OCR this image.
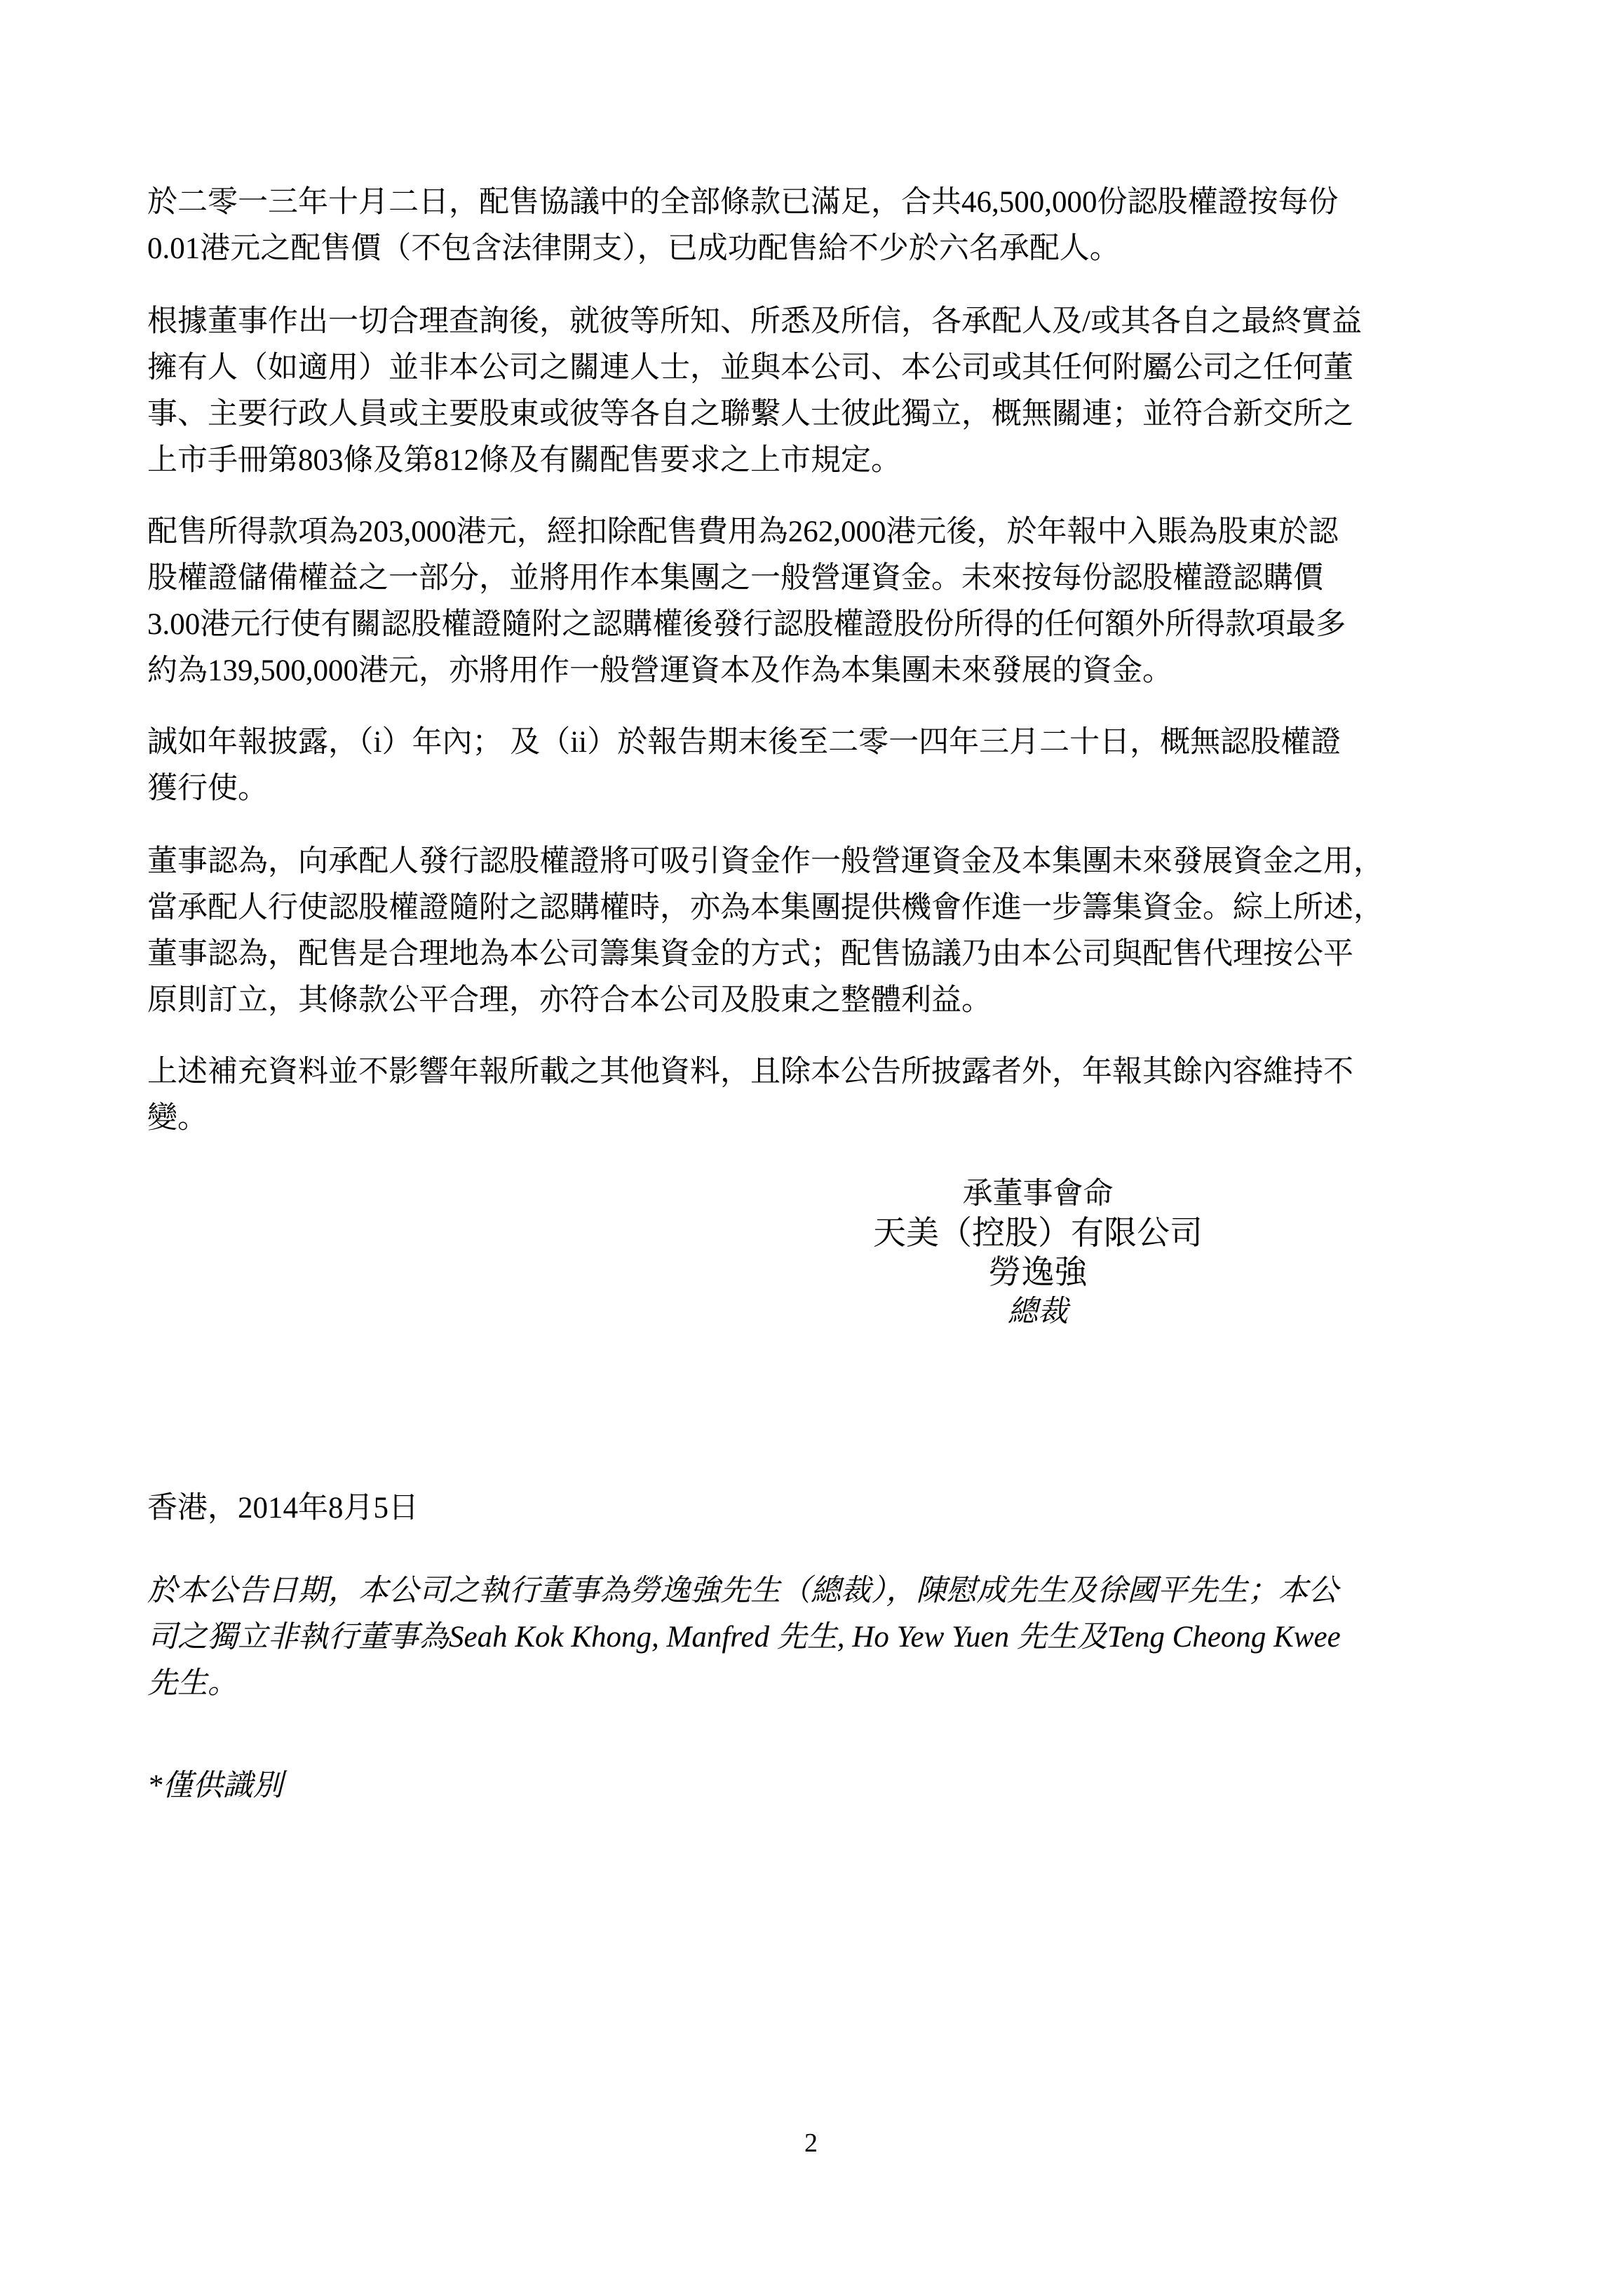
於二零一三年十月二日，配售協議中的全部條款已滿足，合共46,500,000份認股權證按每份
0.01港元之配售價（不包含法律開支），已成功配售給不少於六名承配人。

根據董事作出一切合理查詢後，就彼等所知、所悉及所信，各承配人及/或其各自之最終實益
擁有人（如適用）並非本公司之關連人士，並與本公司、本公司或其任何附屬公司之任何董
事、主要行政人員或主要股東或彼等各自之聯繫人士彼此獨立，概無關連；並符合新交所之
上市手冊第803條及第812條及有關配售要求之上市規定。

配售所得款項為203,000港元，經扣除配售費用為262,000港元後，於年報中入賬為股東於認
股權證儲備權益之一部分，並將用作本集團之一般營運資金。未來按每份認股權證認購價
3.00港元行使有關認股權證隨附之認購權後發行認股權證股份所得的任何額外所得款項最多
約為139,500,000港元，亦將用作一般營運資本及作為本集團未來發展的資金。

誠如年報披露，（i）年內； 及（ii）於報告期末後至二零一四年三月二十日，概無認股權證
獲行使。

董事認為，向承配人發行認股權證將可吸引資金作一般營運資金及本集團未來發展資金之用，
當承配人行使認股權證隨附之認購權時，亦為本集團提供機會作進一步籌集資金。綜上所述，
董事認為，配售是合理地為本公司籌集資金的方式；配售協議乃由本公司與配售代理按公平
原則訂立，其條款公平合理，亦符合本公司及股東之整體利益。

上述補充資料並不影響年報所載之其他資料，且除本公告所披露者外，年報其餘內容維持不
變。

承董事會命
天美（控股）有限公司
勞逸強
總裁

香港，2014年8月5日

於本公告日期，本公司之執行董事為勞逸強先生（總裁），陳慰成先生及徐國平先生；本公
司之獨立非執行董事為Seah Kok Khong, Manfred 先生, Ho Yew Yuen 先生及Teng Cheong Kwee
先生。

*僅供識別

2
